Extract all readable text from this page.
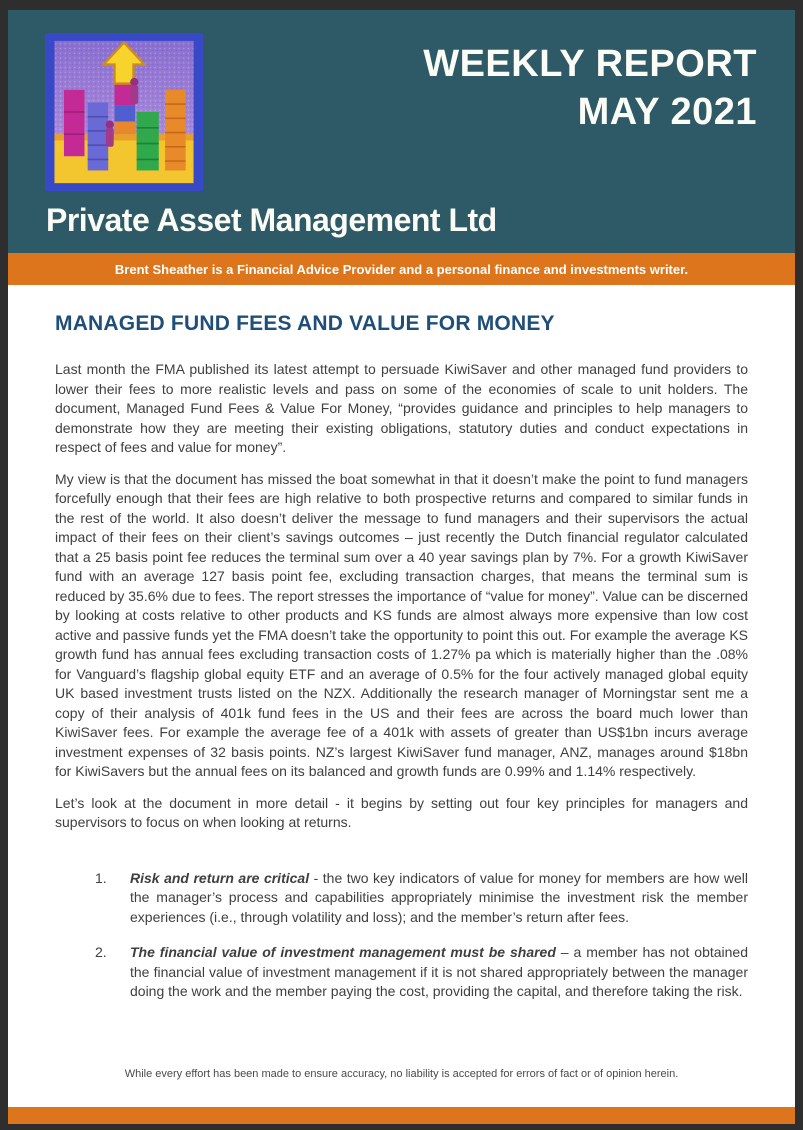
WEEKLY REPORT
MAY 2021
Private Asset Management Ltd
Brent Sheather is a Financial Advice Provider and a personal finance and investments writer.
MANAGED FUND FEES AND VALUE FOR MONEY

Last month the FMA published its latest attempt to persuade KiwiSaver and other managed fund providers to lower their fees to more realistic levels and pass on some of the economies of scale to unit holders. The document, Managed Fund Fees & Value For Money, “provides guidance and principles to help managers to demonstrate how they are meeting their existing obligations, statutory duties and conduct expectations in respect of fees and value for money”.

My view is that the document has missed the boat somewhat in that it doesn’t make the point to fund managers forcefully enough that their fees are high relative to both prospective returns and compared to similar funds in the rest of the world. It also doesn’t deliver the message to fund managers and their supervisors the actual impact of their fees on their client’s savings outcomes – just recently the Dutch financial regulator calculated that a 25 basis point fee reduces the terminal sum over a 40 year savings plan by 7%. For a growth KiwiSaver fund with an average 127 basis point fee, excluding transaction charges, that means the terminal sum is reduced by 35.6% due to fees. The report stresses the importance of “value for money”. Value can be discerned by looking at costs relative to other products and KS funds are almost always more expensive than low cost active and passive funds yet the FMA doesn’t take the opportunity to point this out. For example the average KS growth fund has annual fees excluding transaction costs of 1.27% pa which is materially higher than the .08% for Vanguard’s flagship global equity ETF and an average of 0.5% for the four actively managed global equity UK based investment trusts listed on the NZX. Additionally the research manager of Morningstar sent me a copy of their analysis of 401k fund fees in the US and their fees are across the board much lower than KiwiSaver fees. For example the average fee of a 401k with assets of greater than US$1bn incurs average investment expenses of 32 basis points. NZ’s largest KiwiSaver fund manager, ANZ, manages around $18bn for KiwiSavers but the annual fees on its balanced and growth funds are 0.99% and 1.14% respectively.

Let’s look at the document in more detail - it begins by setting out four key principles for managers and supervisors to focus on when looking at returns.

1.	Risk and return are critical - the two key indicators of value for money for members are how well the manager’s process and capabilities appropriately minimise the investment risk the member experiences (i.e., through volatility and loss); and the member’s return after fees.
2.	The financial value of investment management must be shared – a member has not obtained the financial value of investment management if it is not shared appropriately between the manager doing the work and the member paying the cost, providing the capital, and therefore taking the risk.
While every effort has been made to ensure accuracy, no liability is accepted for errors of fact or of opinion herein.
